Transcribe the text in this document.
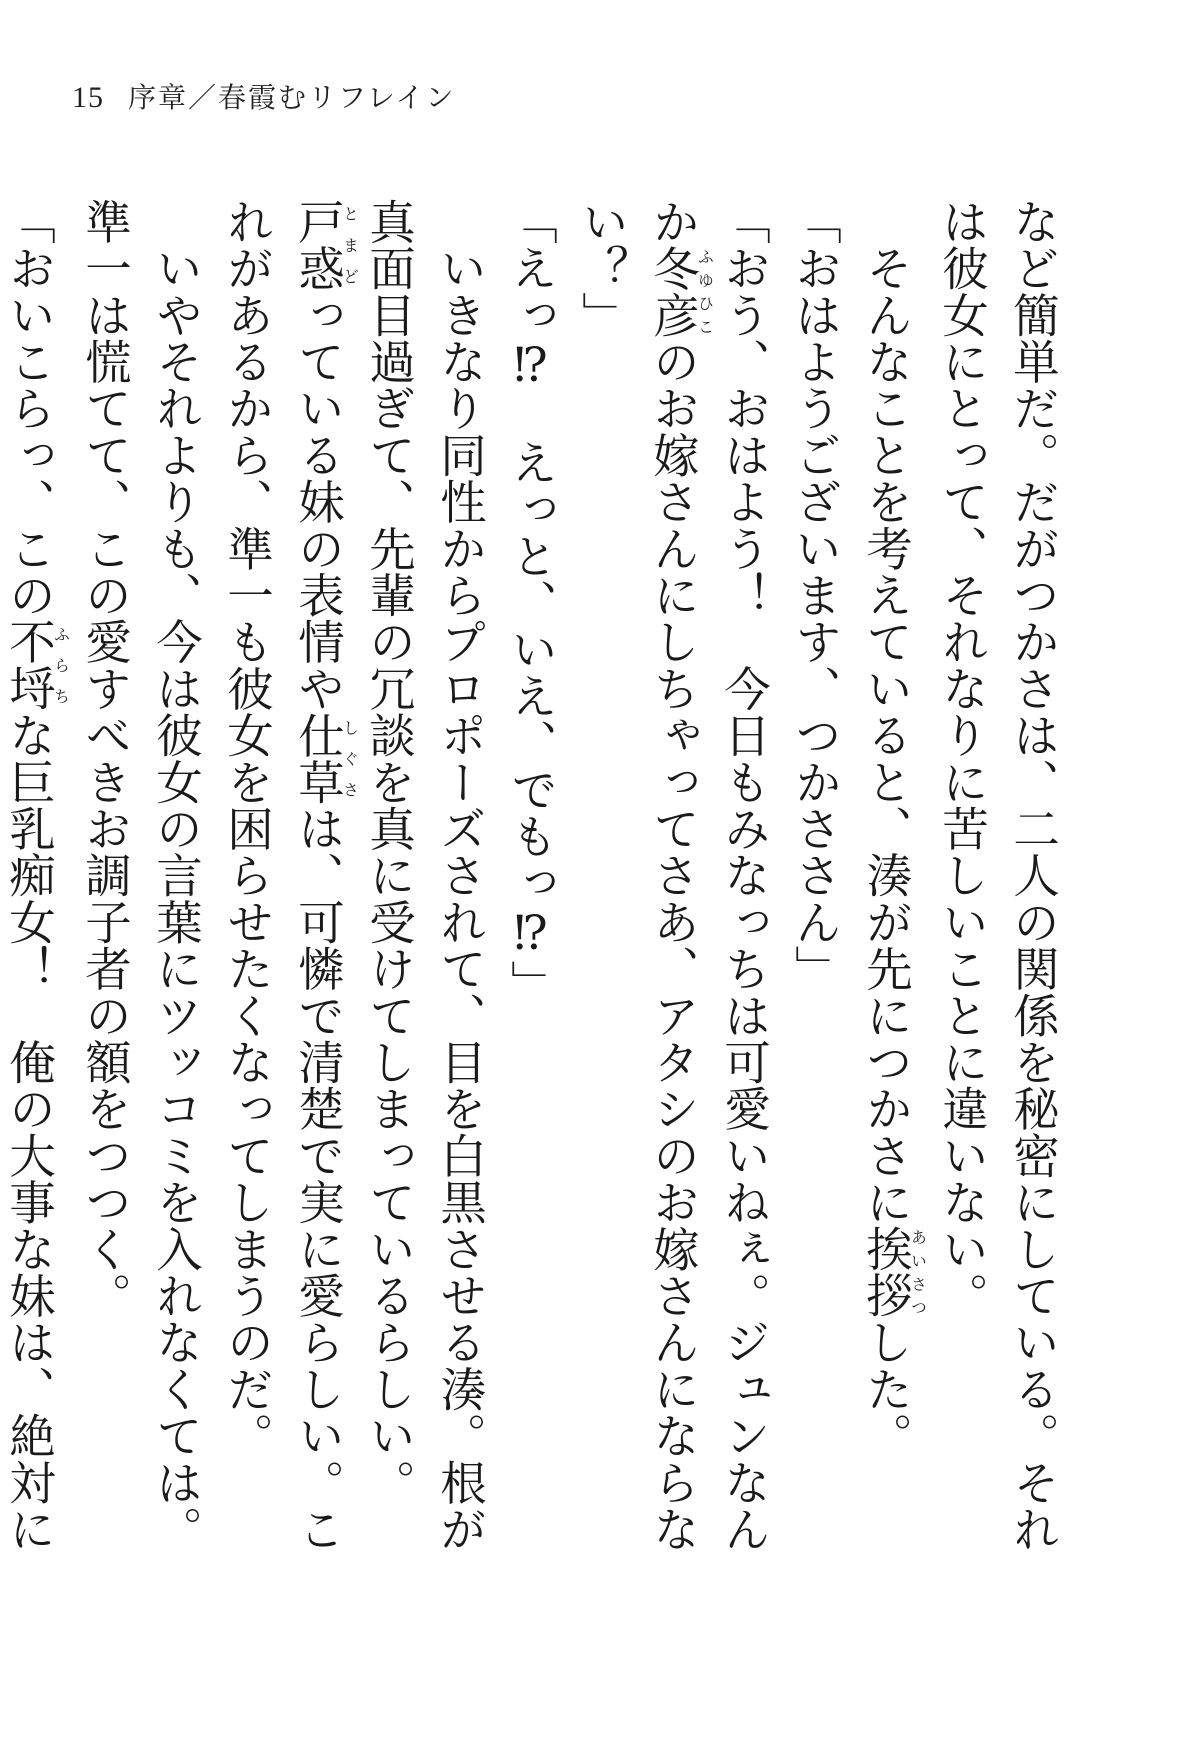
15 序章／春霞むリフレイン

など簡単だ。だがつかさは、二人の関係を秘密にしている。それは彼女にとって、それなりに苦しいことに違いない。

　そんなことを考えていると、湊が先につかさに挨拶あいさつした。

「おはようございます、つかささん」

「おう、おはよう！　今日もみなっちは可愛いねぇ。ジュンなんか冬彦ふゆひこのお嫁さんにしちゃってさあ、アタシのお嫁さんにならない？」

「えっ⁉　えっと、いえ、でもっ⁉」

　いきなり同性からプロポーズされて、目を白黒させる湊。根が真面目過ぎて、先輩の冗談を真に受けてしまっているらしい。戸惑とまどっている妹の表情や仕草しぐさは、可憐で清楚で実に愛らしい。これがあるから、準一も彼女を困らせたくなってしまうのだ。

　いやそれよりも、今は彼女の言葉にツッコミを入れなくては。準一は慌てて、この愛すべきお調子者の額をつつく。

「おいこらっ、この不埒ふらちな巨乳痴女！　俺の大事な妹は、絶対に　
